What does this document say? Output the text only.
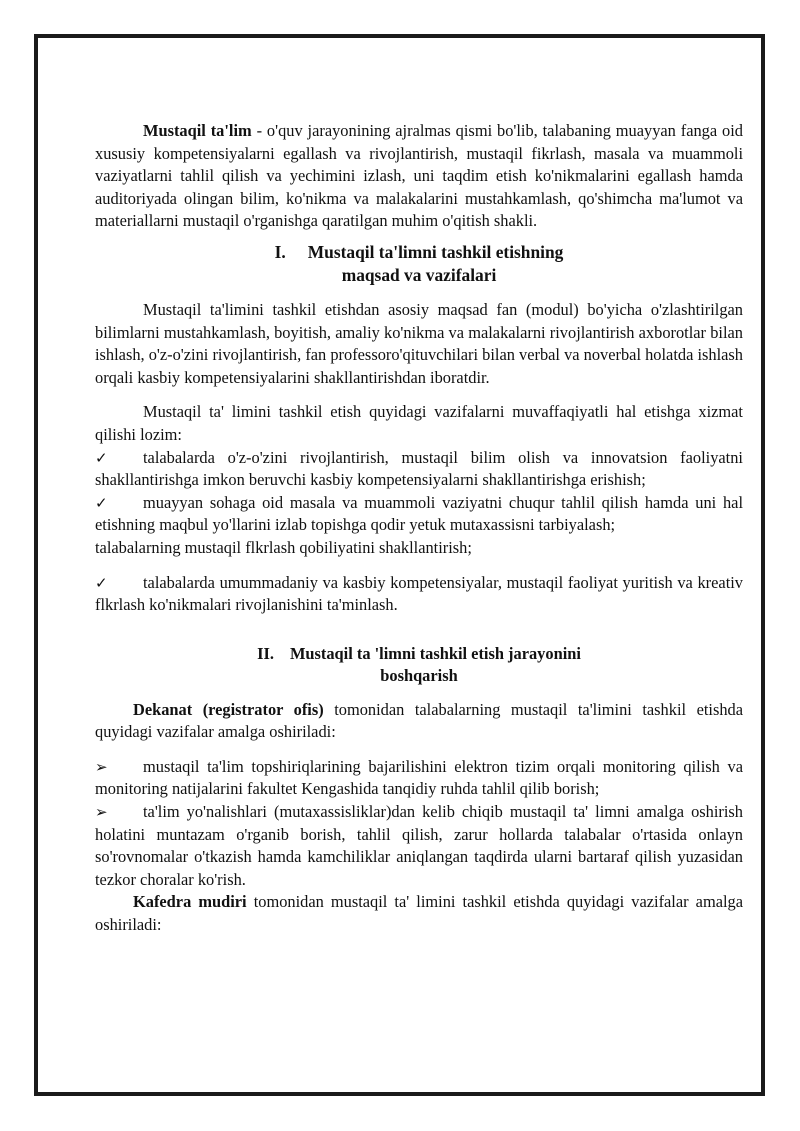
Mustaqil ta'lim - o'quv jarayonining ajralmas qismi bo'lib, talabaning muayyan fanga oid xususiy kompetensiyalarni egallash va rivojlantirish, mustaqil fikrlash, masala va muammoli vaziyatlarni tahlil qilish va yechimini izlash, uni taqdim etish ko'nikmalarini egallash hamda auditoriyada olingan bilim, ko'nikma va malakalarini mustahkamlash, qo'shimcha ma'lumot va materiallarni mustaqil o'rganishga qaratilgan muhim o'qitish shakli.

I. Mustaqil ta'limni tashkil etishning
maqsad va vazifalari

Mustaqil ta'limini tashkil etishdan asosiy maqsad fan (modul) bo'yicha o'zlashtirilgan bilimlarni mustahkamlash, boyitish, amaliy ko'nikma va malakalarni rivojlantirish axborotlar bilan ishlash, o'z-o'zini rivojlantirish, fan professoro'qituvchilari bilan verbal va noverbal holatda ishlash orqali kasbiy kompetensiyalarini shakllantirishdan iboratdir.

Mustaqil ta' limini tashkil etish quyidagi vazifalarni muvaffaqiyatli hal etishga xizmat qilishi lozim:

✓	talabalarda o'z-o'zini rivojlantirish, mustaqil bilim olish va innovatsion faoliyatni shakllantirishga imkon beruvchi kasbiy kompetensiyalarni shakllantirishga erishish;

✓	muayyan sohaga oid masala va muammoli vaziyatni chuqur tahlil qilish hamda uni hal etishning maqbul yo'llarini izlab topishga qodir yetuk mutaxassisni tarbiyalash;

talabalarning mustaqil flkrlash qobiliyatini shakllantirish;

✓	talabalarda umummadaniy va kasbiy kompetensiyalar, mustaqil faoliyat yuritish va kreativ flkrlash ko'nikmalari rivojlanishini ta'minlash.

II. Mustaqil ta 'limni tashkil etish jarayonini
boshqarish

Dekanat (registrator ofis) tomonidan talabalarning mustaqil ta'limini tashkil etishda quyidagi vazifalar amalga oshiriladi:

➢	mustaqil ta'lim topshiriqlarining bajarilishini elektron tizim orqali monitoring qilish va monitoring natijalarini fakultet Kengashida tanqidiy ruhda tahlil qilib borish;

➢	ta'lim yo'nalishlari (mutaxassisliklar)dan kelib chiqib mustaqil ta' limni amalga oshirish holatini muntazam o'rganib borish, tahlil qilish, zarur hollarda talabalar o'rtasida onlayn so'rovnomalar o'tkazish hamda kamchiliklar aniqlangan taqdirda ularni bartaraf qilish yuzasidan tezkor choralar ko'rish.

Kafedra mudiri tomonidan mustaqil ta' limini tashkil etishda quyidagi vazifalar amalga oshiriladi:
